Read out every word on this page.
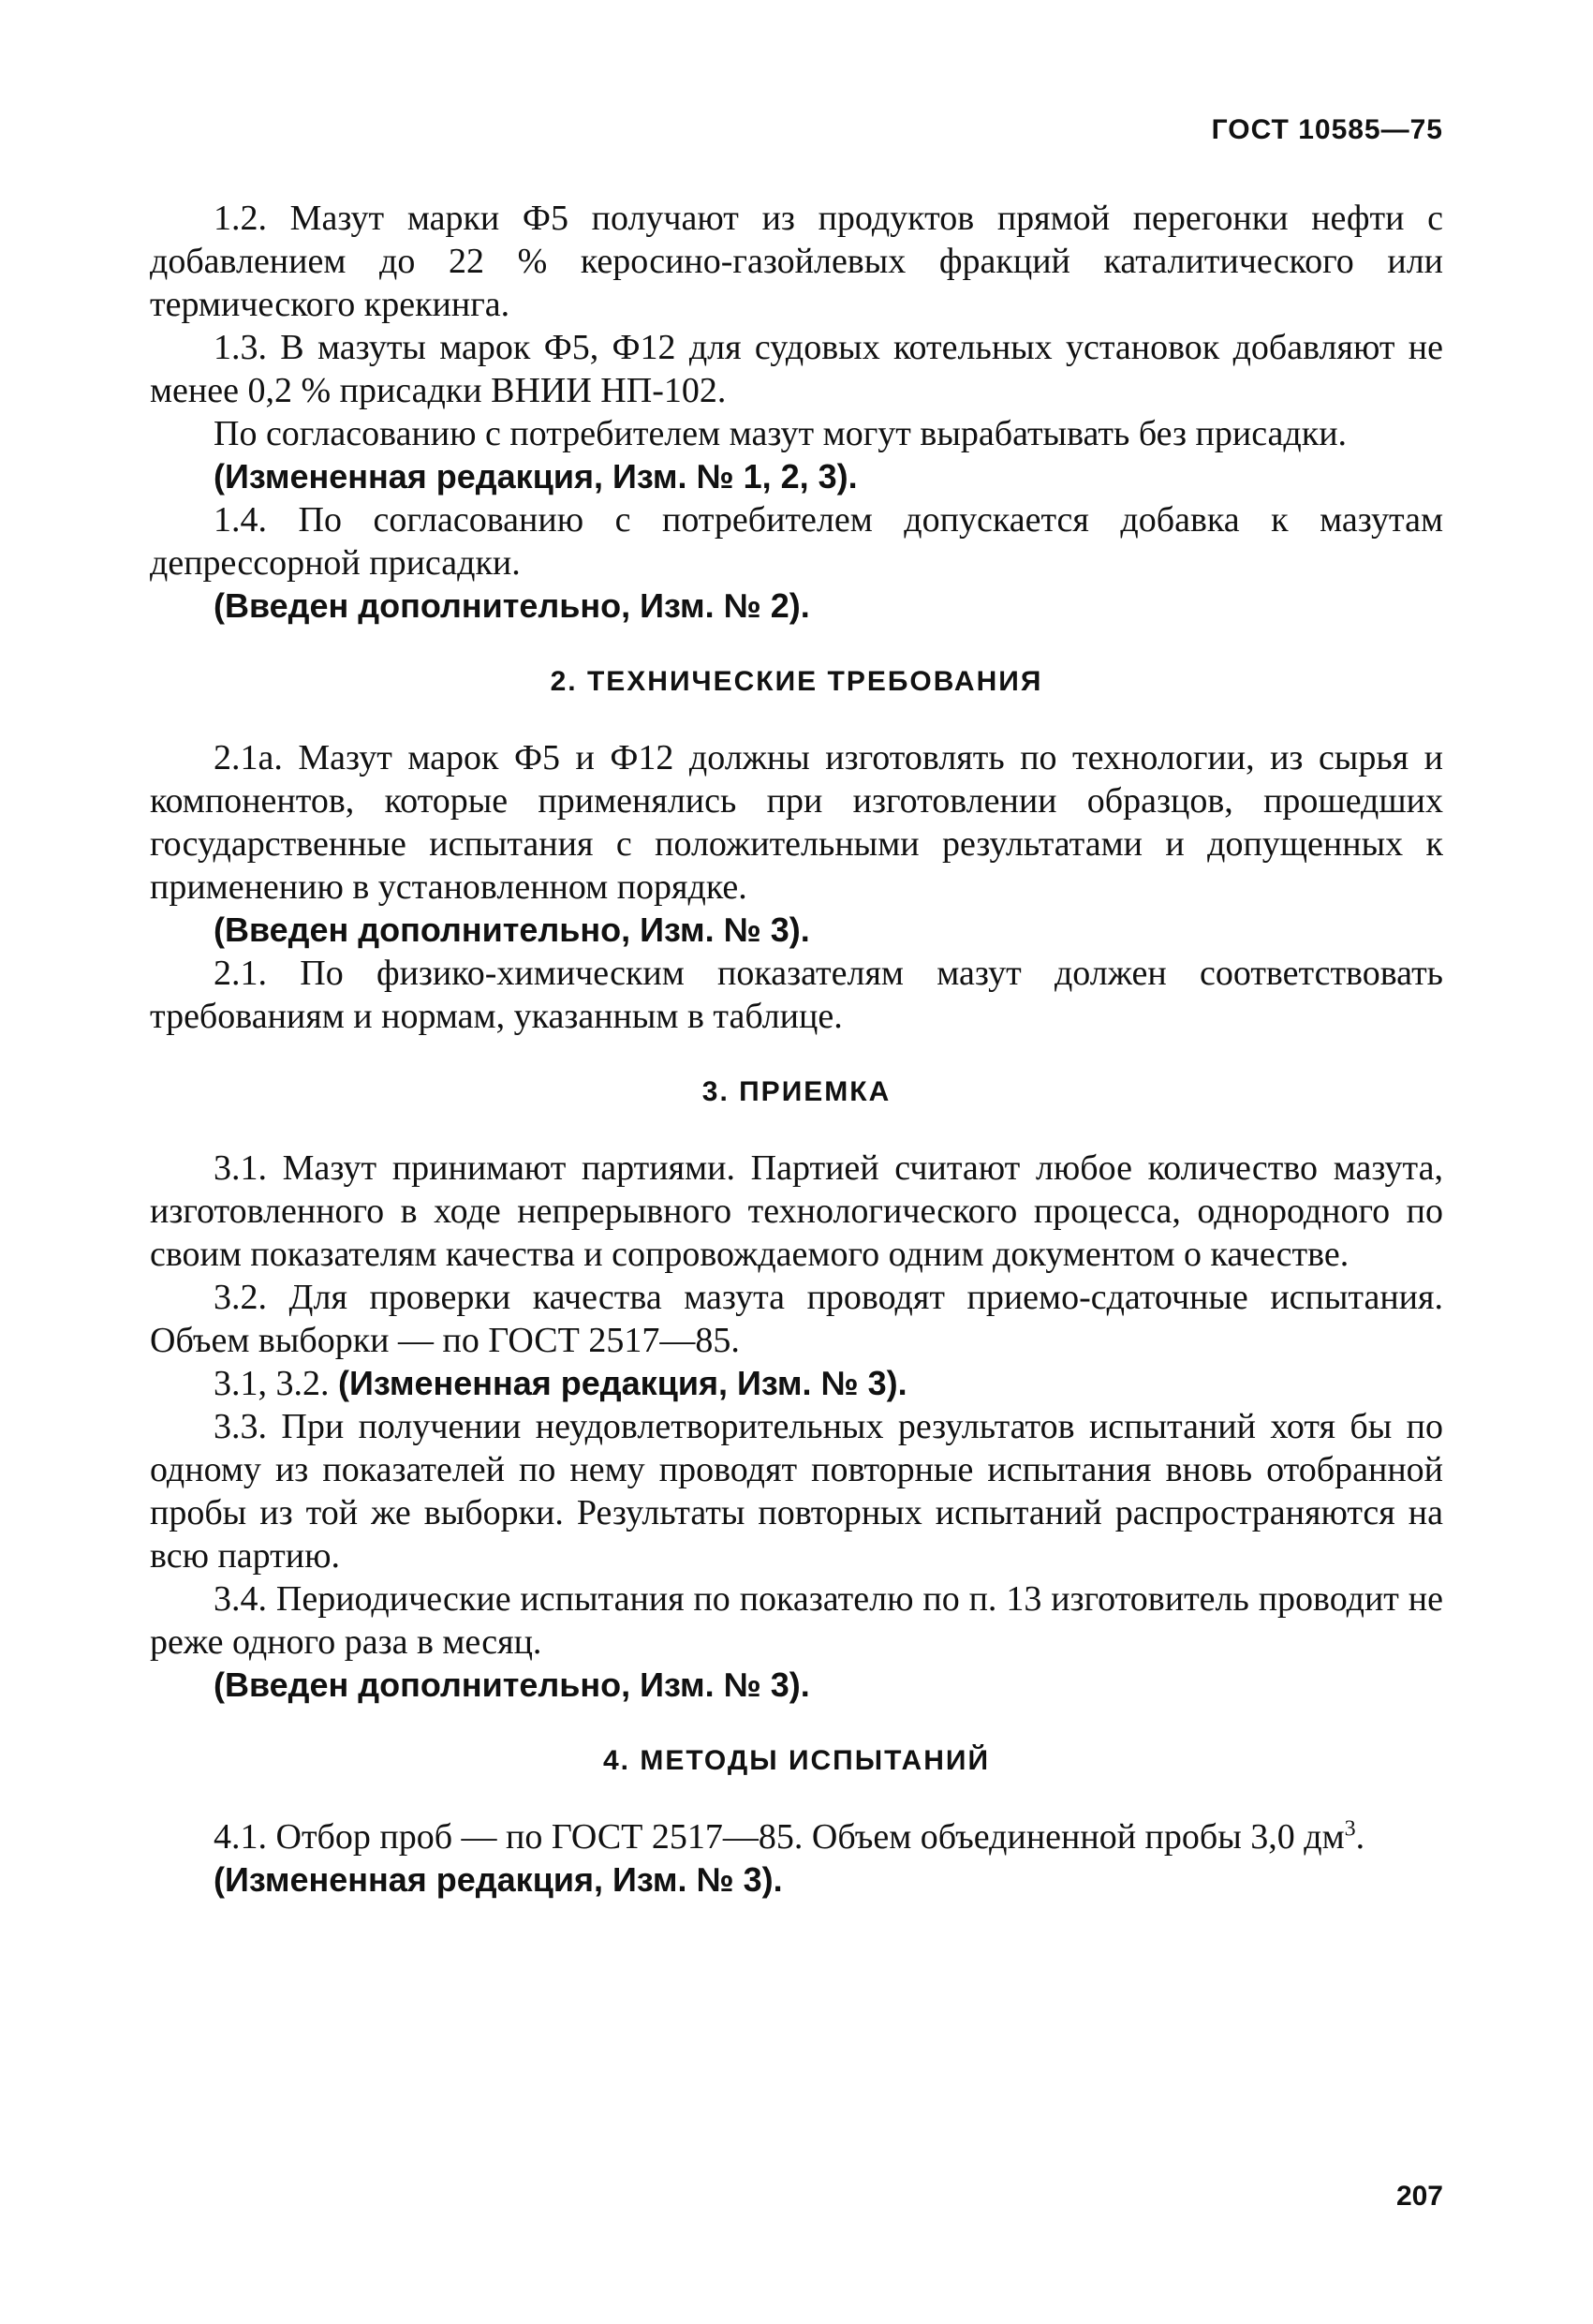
ГОСТ 10585—75

1.2. Мазут марки Ф5 получают из продуктов прямой перегонки нефти с добавлением до 22 % керосино-газойлевых фракций каталитического или термического крекинга.

1.3. В мазуты марок Ф5, Ф12 для судовых котельных установок добавляют не менее 0,2 % присадки ВНИИ НП-102.

По согласованию с потребителем мазут могут вырабатывать без присадки.

(Измененная редакция, Изм. № 1, 2, 3).

1.4. По согласованию с потребителем допускается добавка к мазутам депрессорной присадки.

(Введен дополнительно, Изм. № 2).

2. ТЕХНИЧЕСКИЕ ТРЕБОВАНИЯ

2.1а. Мазут марок Ф5 и Ф12 должны изготовлять по технологии, из сырья и компонентов, которые применялись при изготовлении образцов, прошедших государственные испытания с положительными результатами и допущенных к применению в установленном порядке.

(Введен дополнительно, Изм. № 3).

2.1. По физико-химическим показателям мазут должен соответствовать требованиям и нормам, указанным в таблице.

3. ПРИЕМКА

3.1. Мазут принимают партиями. Партией считают любое количество мазута, изготовленного в ходе непрерывного технологического процесса, однородного по своим показателям качества и сопровождаемого одним документом о качестве.

3.2. Для проверки качества мазута проводят приемо-сдаточные испытания. Объем выборки — по ГОСТ 2517—85.

3.1, 3.2. (Измененная редакция, Изм. № 3).

3.3. При получении неудовлетворительных результатов испытаний хотя бы по одному из показателей по нему проводят повторные испытания вновь отобранной пробы из той же выборки. Результаты повторных испытаний распространяются на всю партию.

3.4. Периодические испытания по показателю по п. 13 изготовитель проводит не реже одного раза в месяц.

(Введен дополнительно, Изм. № 3).

4. МЕТОДЫ ИСПЫТАНИЙ

4.1. Отбор проб — по ГОСТ 2517—85. Объем объединенной пробы 3,0 $дм^3$.

(Измененная редакция, Изм. № 3).

207
